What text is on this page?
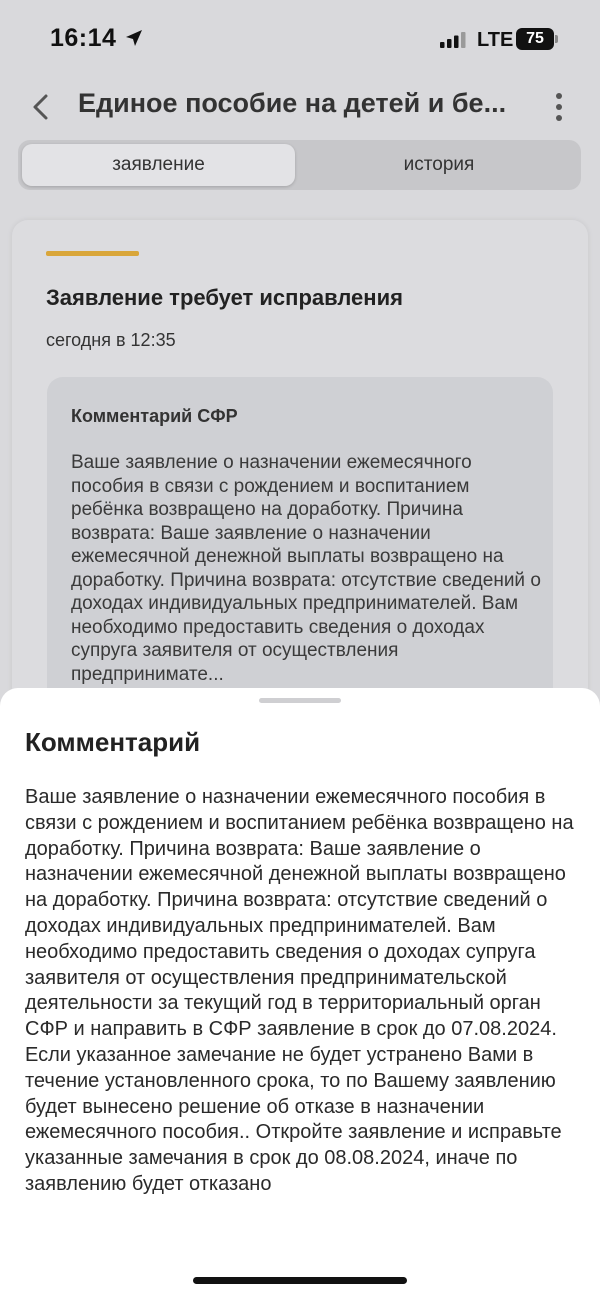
16:14	LTE 75
Единое пособие на детей и бе...
заявление	история
Заявление требует исправления
сегодня в 12:35
Комментарий СФР
Ваше заявление о назначении ежемесячного пособия в связи с рождением и воспитанием ребёнка возвращено на доработку. Причина возврата: Ваше заявление о назначении ежемесячной денежной выплаты возвращено на доработку. Причина возврата: отсутствие сведений о доходах индивидуальных предпринимателей. Вам необходимо предоставить сведения о доходах супруга заявителя от осуществления предпринимате...
Комментарий
Ваше заявление о назначении ежемесячного пособия в связи с рождением и воспитанием ребёнка возвращено на доработку. Причина возврата: Ваше заявление о назначении ежемесячной денежной выплаты возвращено на доработку. Причина возврата: отсутствие сведений о доходах индивидуальных предпринимателей. Вам необходимо предоставить сведения о доходах супруга заявителя от осуществления предпринимательской деятельности за текущий год в территориальный орган СФР и направить в СФР заявление в срок до 07.08.2024. Если указанное замечание не будет устранено Вами в течение установленного срока, то по Вашему заявлению будет вынесено решение об отказе в назначении ежемесячного пособия.. Откройте заявление и исправьте указанные замечания в срок до 08.08.2024, иначе по заявлению будет отказано
